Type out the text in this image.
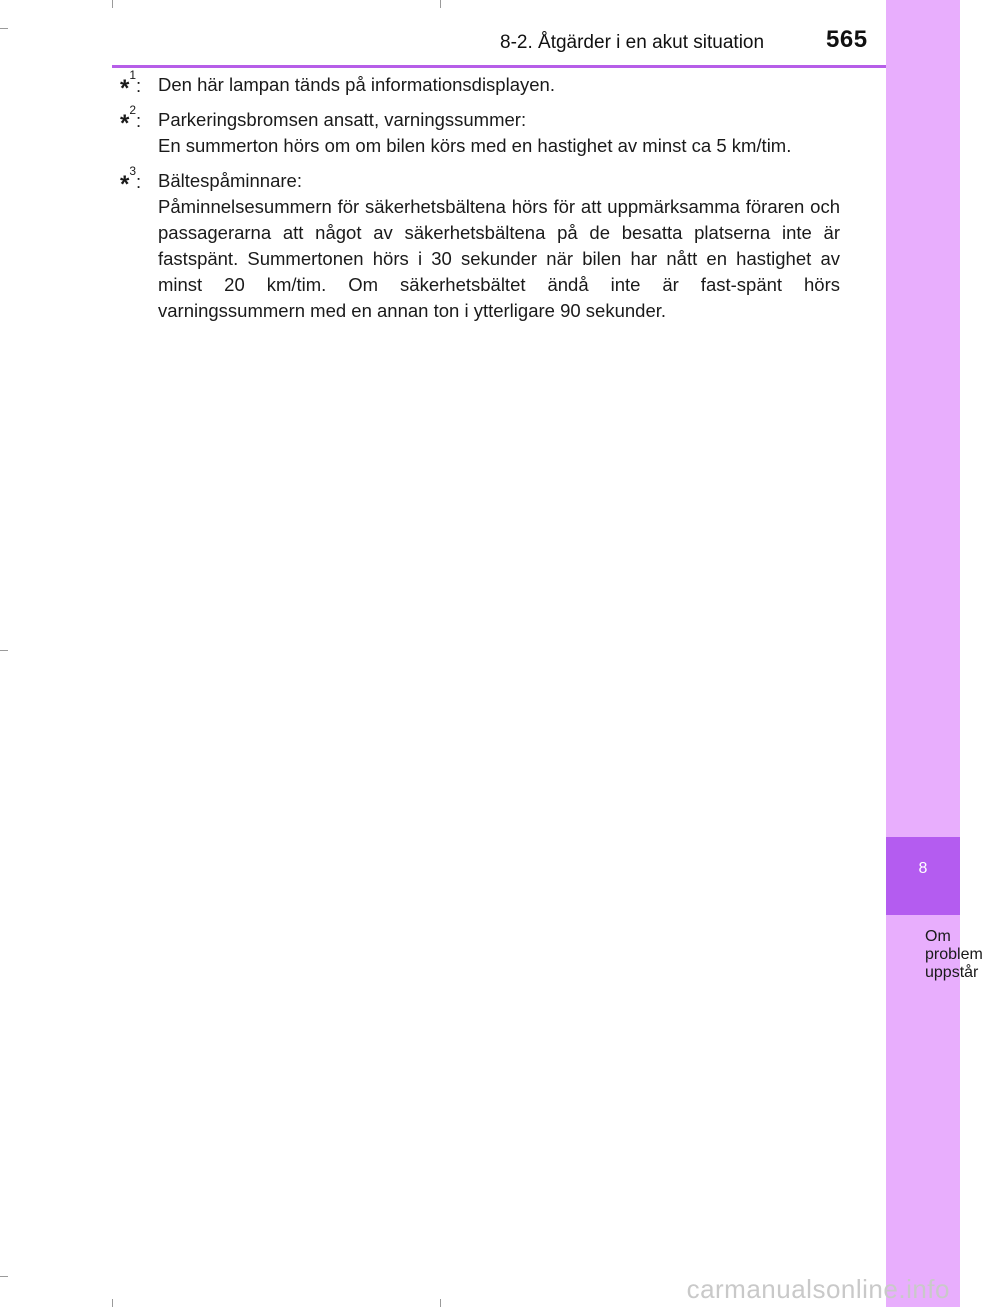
8-2. Åtgärder i en akut situation	565
8
Om problem uppstår
*$^1$: Den här lampan tänds på informationsdisplayen.
*$^2$: Parkeringsbromsen ansatt, varningssummer:
En summerton hörs om om bilen körs med en hastighet av minst ca 5 km/tim.
*$^3$: Bältespåminnare:
Påminnelsesummern för säkerhetsbältena hörs för att uppmärksamma föraren och passagerarna att något av säkerhetsbältena på de besatta platserna inte är fastspänt. Summertonen hörs i 30 sekunder när bilen har nått en hastighet av minst 20 km/tim. Om säkerhetsbältet ändå inte är fast-spänt hörs varningssummern med en annan ton i ytterligare 90 sekunder.
carmanualsonline.info
